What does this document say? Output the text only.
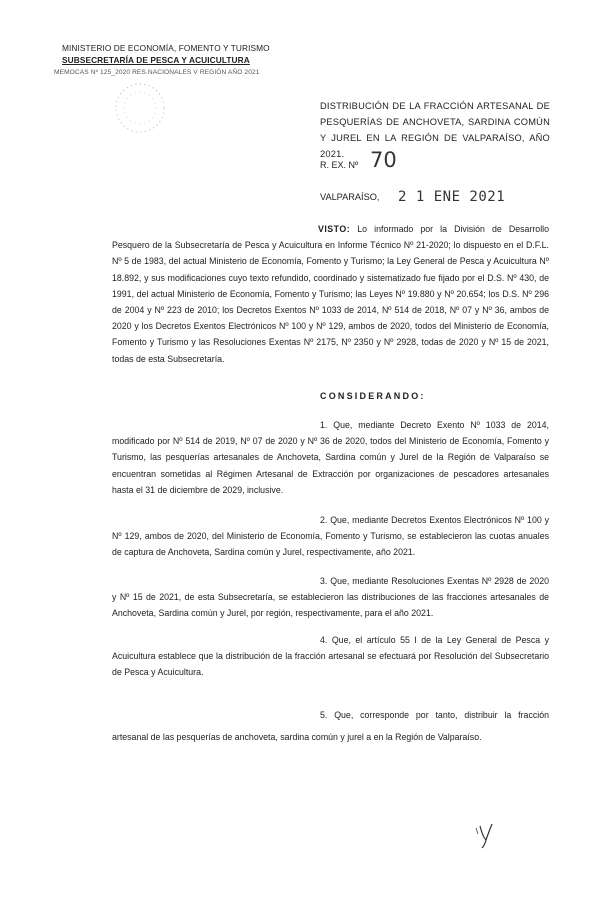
MINISTERIO DE ECONOMÍA, FOMENTO Y TURISMO
SUBSECRETARÍA DE PESCA Y ACUICULTURA
MEMOCAS Nº 125_2020 RES.NACIONALES V REGIÓN AÑO 2021
DISTRIBUCIÓN DE LA FRACCIÓN ARTESANAL DE PESQUERÍAS DE ANCHOVETA, SARDINA COMÚN Y JUREL EN LA REGIÓN DE VALPARAÍSO, AÑO 2021.
R. EX. Nº 70
VALPARAÍSO, 2 1 ENE 2021
VISTO: Lo informado por la División de Desarrollo Pesquero de la Subsecretaría de Pesca y Acuicultura en Informe Técnico Nº 21-2020; lo dispuesto en el D.F.L. Nº 5 de 1983, del actual Ministerio de Economía, Fomento y Turismo; la Ley General de Pesca y Acuicultura Nº 18.892, y sus modificaciones cuyo texto refundido, coordinado y sistematizado fue fijado por el D.S. Nº 430, de 1991, del actual Ministerio de Economía, Fomento y Turismo; las Leyes Nº 19.880 y Nº 20.654; los D.S. Nº 296 de 2004 y Nº 223 de 2010; los Decretos Exentos Nº 1033 de 2014, Nº 514 de 2018, Nº 07 y Nº 36, ambos de 2020 y los Decretos Exentos Electrónicos Nº 100 y Nº 129, ambos de 2020, todos del Ministerio de Economía, Fomento y Turismo y las Resoluciones Exentas Nº 2175, Nº 2350 y Nº 2928, todas de 2020 y Nº 15 de 2021, todas de esta Subsecretaría.
CONSIDERANDO:
1. Que, mediante Decreto Exento Nº 1033 de 2014, modificado por Nº 514 de 2019, Nº 07 de 2020 y Nº 36 de 2020, todos del Ministerio de Economía, Fomento y Turismo, las pesquerías artesanales de Anchoveta, Sardina común y Jurel de la Región de Valparaíso se encuentran sometidas al Régimen Artesanal de Extracción por organizaciones de pescadores artesanales hasta el 31 de diciembre de 2029, inclusive.
2. Que, mediante Decretos Exentos Electrónicos Nº 100 y Nº 129, ambos de 2020, del Ministerio de Economía, Fomento y Turismo, se establecieron las cuotas anuales de captura de Anchoveta, Sardina común y Jurel, respectivamente, año 2021.
3. Que, mediante Resoluciones Exentas Nº 2928 de 2020 y Nº 15 de 2021, de esta Subsecretaría, se establecieron las distribuciones de las fracciones artesanales de Anchoveta, Sardina común y Jurel, por región, respectivamente, para el año 2021.
4. Que, el artículo 55 I de la Ley General de Pesca y Acuicultura establece que la distribución de la fracción artesanal se efectuará por Resolución del Subsecretario de Pesca y Acuicultura.
5. Que, corresponde por tanto, distribuir la fracción artesanal de las pesquerías de anchoveta, sardina común y jurel a en la Región de Valparaíso.
